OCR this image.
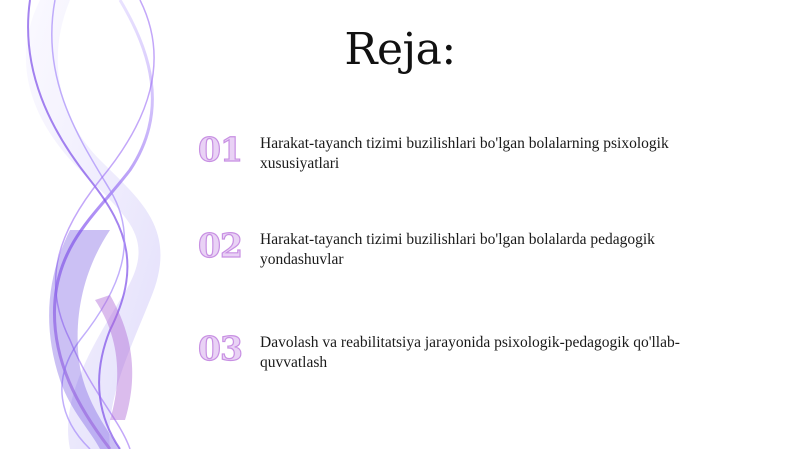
Reja:
01	Harakat-tayanch tizimi buzilishlari bo'lgan bolalarning psixologik xususiyatlari
02	Harakat-tayanch tizimi buzilishlari bo'lgan bolalarda pedagogik yondashuvlar
03	Davolash va reabilitatsiya jarayonida psixologik-pedagogik qo'llab-quvvatlash
